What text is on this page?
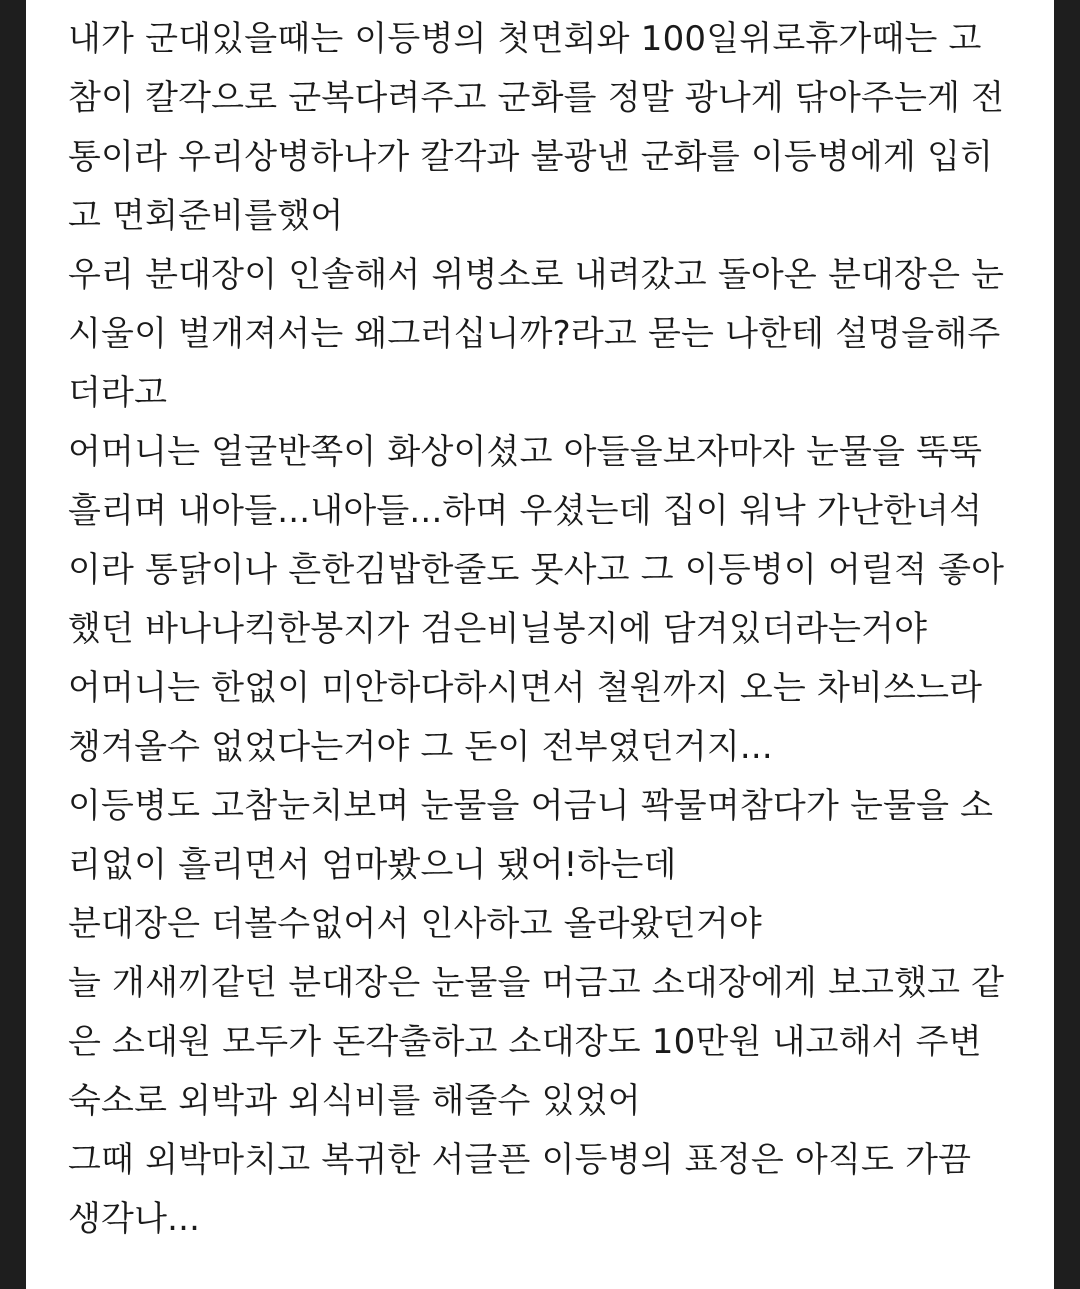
내가 군대있을때는 이등병의 첫면회와 100일위로휴가때는 고
참이 칼각으로 군복다려주고 군화를 정말 광나게 닦아주는게 전
통이라 우리상병하나가 칼각과 불광낸 군화를 이등병에게 입히
고 면회준비를했어
우리 분대장이 인솔해서 위병소로 내려갔고 돌아온 분대장은 눈
시울이 벌개져서는 왜그러십니까?라고 묻는 나한테 설명을해주
더라고
어머니는 얼굴반쪽이 화상이셨고 아들을보자마자 눈물을 뚝뚝
흘리며 내아들...내아들...하며 우셨는데 집이 워낙 가난한녀석
이라 통닭이나 흔한김밥한줄도 못사고 그 이등병이 어릴적 좋아
했던 바나나킥한봉지가 검은비닐봉지에 담겨있더라는거야
어머니는 한없이 미안하다하시면서 철원까지 오는 차비쓰느라
챙겨올수 없었다는거야 그 돈이 전부였던거지...
이등병도 고참눈치보며 눈물을 어금니 꽉물며참다가 눈물을 소
리없이 흘리면서 엄마봤으니 됐어!하는데
분대장은 더볼수없어서 인사하고 올라왔던거야
늘 개새끼같던 분대장은 눈물을 머금고 소대장에게 보고했고 같
은 소대원 모두가 돈각출하고 소대장도 10만원 내고해서 주변
숙소로 외박과 외식비를 해줄수 있었어
그때 외박마치고 복귀한 서글픈 이등병의 표정은 아직도 가끔
생각나...
